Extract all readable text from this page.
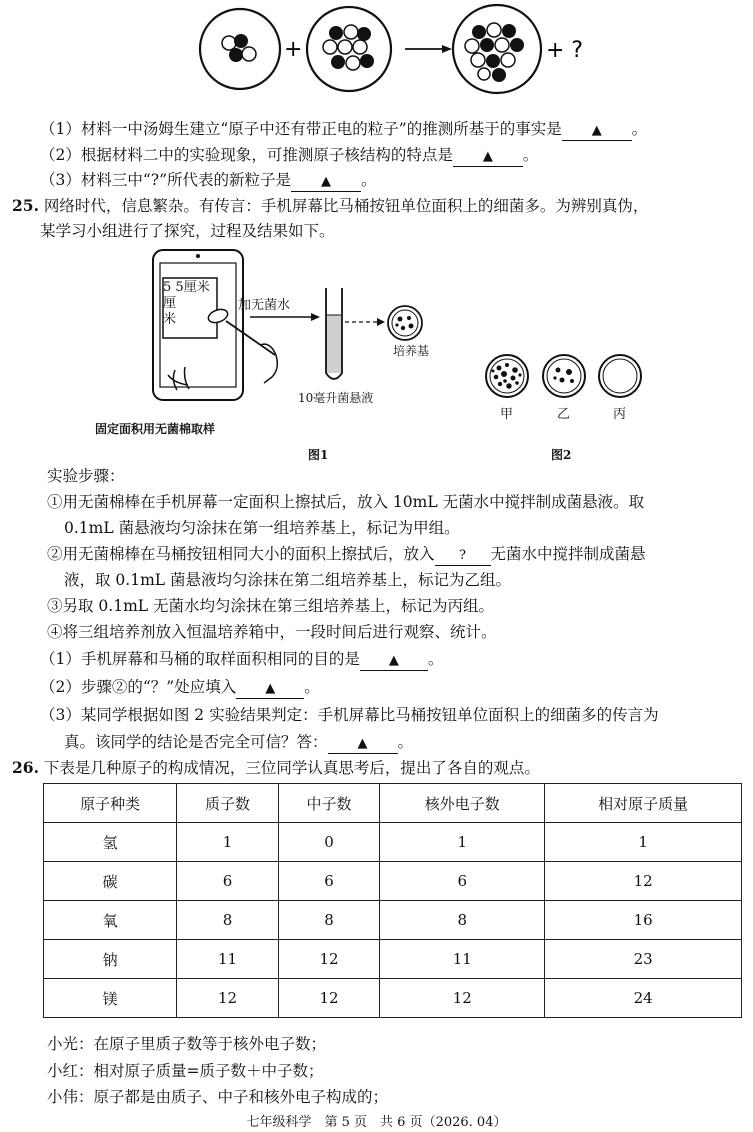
+	+ ?
（1）材料一中汤姆生建立“原子中还有带正电的粒子”的推测所基于的事实是 ▲ 。
（2）根据材料二中的实验现象，可推测原子核结构的特点是 ▲ 。
（3）材料三中“?”所代表的新粒子是 ▲ 。
25. 网络时代，信息繁杂。有传言：手机屏幕比马桶按钮单位面积上的细菌多。为辨别真伪，
某学习小组进行了探究，过程及结果如下。
5 5厘米
厘
米
加无菌水
培养基
10毫升菌悬液
固定面积用无菌棉取样
图1
甲	乙	丙
图2
实验步骤：
①用无菌棉棒在手机屏幕一定面积上擦拭后，放入 10mL 无菌水中搅拌制成菌悬液。取
0.1mL 菌悬液均匀涂抹在第一组培养基上，标记为甲组。
②用无菌棉棒在马桶按钮相同大小的面积上擦拭后，放入 ? 无菌水中搅拌制成菌悬
液，取 0.1mL 菌悬液均匀涂抹在第二组培养基上，标记为乙组。
③另取 0.1mL 无菌水均匀涂抹在第三组培养基上，标记为丙组。
④将三组培养剂放入恒温培养箱中，一段时间后进行观察、统计。
（1）手机屏幕和马桶的取样面积相同的目的是 ▲ 。
（2）步骤②的“？”处应填入 ▲ 。
（3）某同学根据如图 2 实验结果判定：手机屏幕比马桶按钮单位面积上的细菌多的传言为
真。该同学的结论是否完全可信？答： ▲ 。
26. 下表是几种原子的构成情况，三位同学认真思考后，提出了各自的观点。
原子种类	质子数	中子数	核外电子数	相对原子质量
氢	1	0	1	1
碳	6	6	6	12
氧	8	8	8	16
钠	11	12	11	23
镁	12	12	12	24
小光：在原子里质子数等于核外电子数；
小红：相对原子质量=质子数＋中子数；
小伟：原子都是由质子、中子和核外电子构成的；
七年级科学　第 5 页　共 6 页（2026. 04）
